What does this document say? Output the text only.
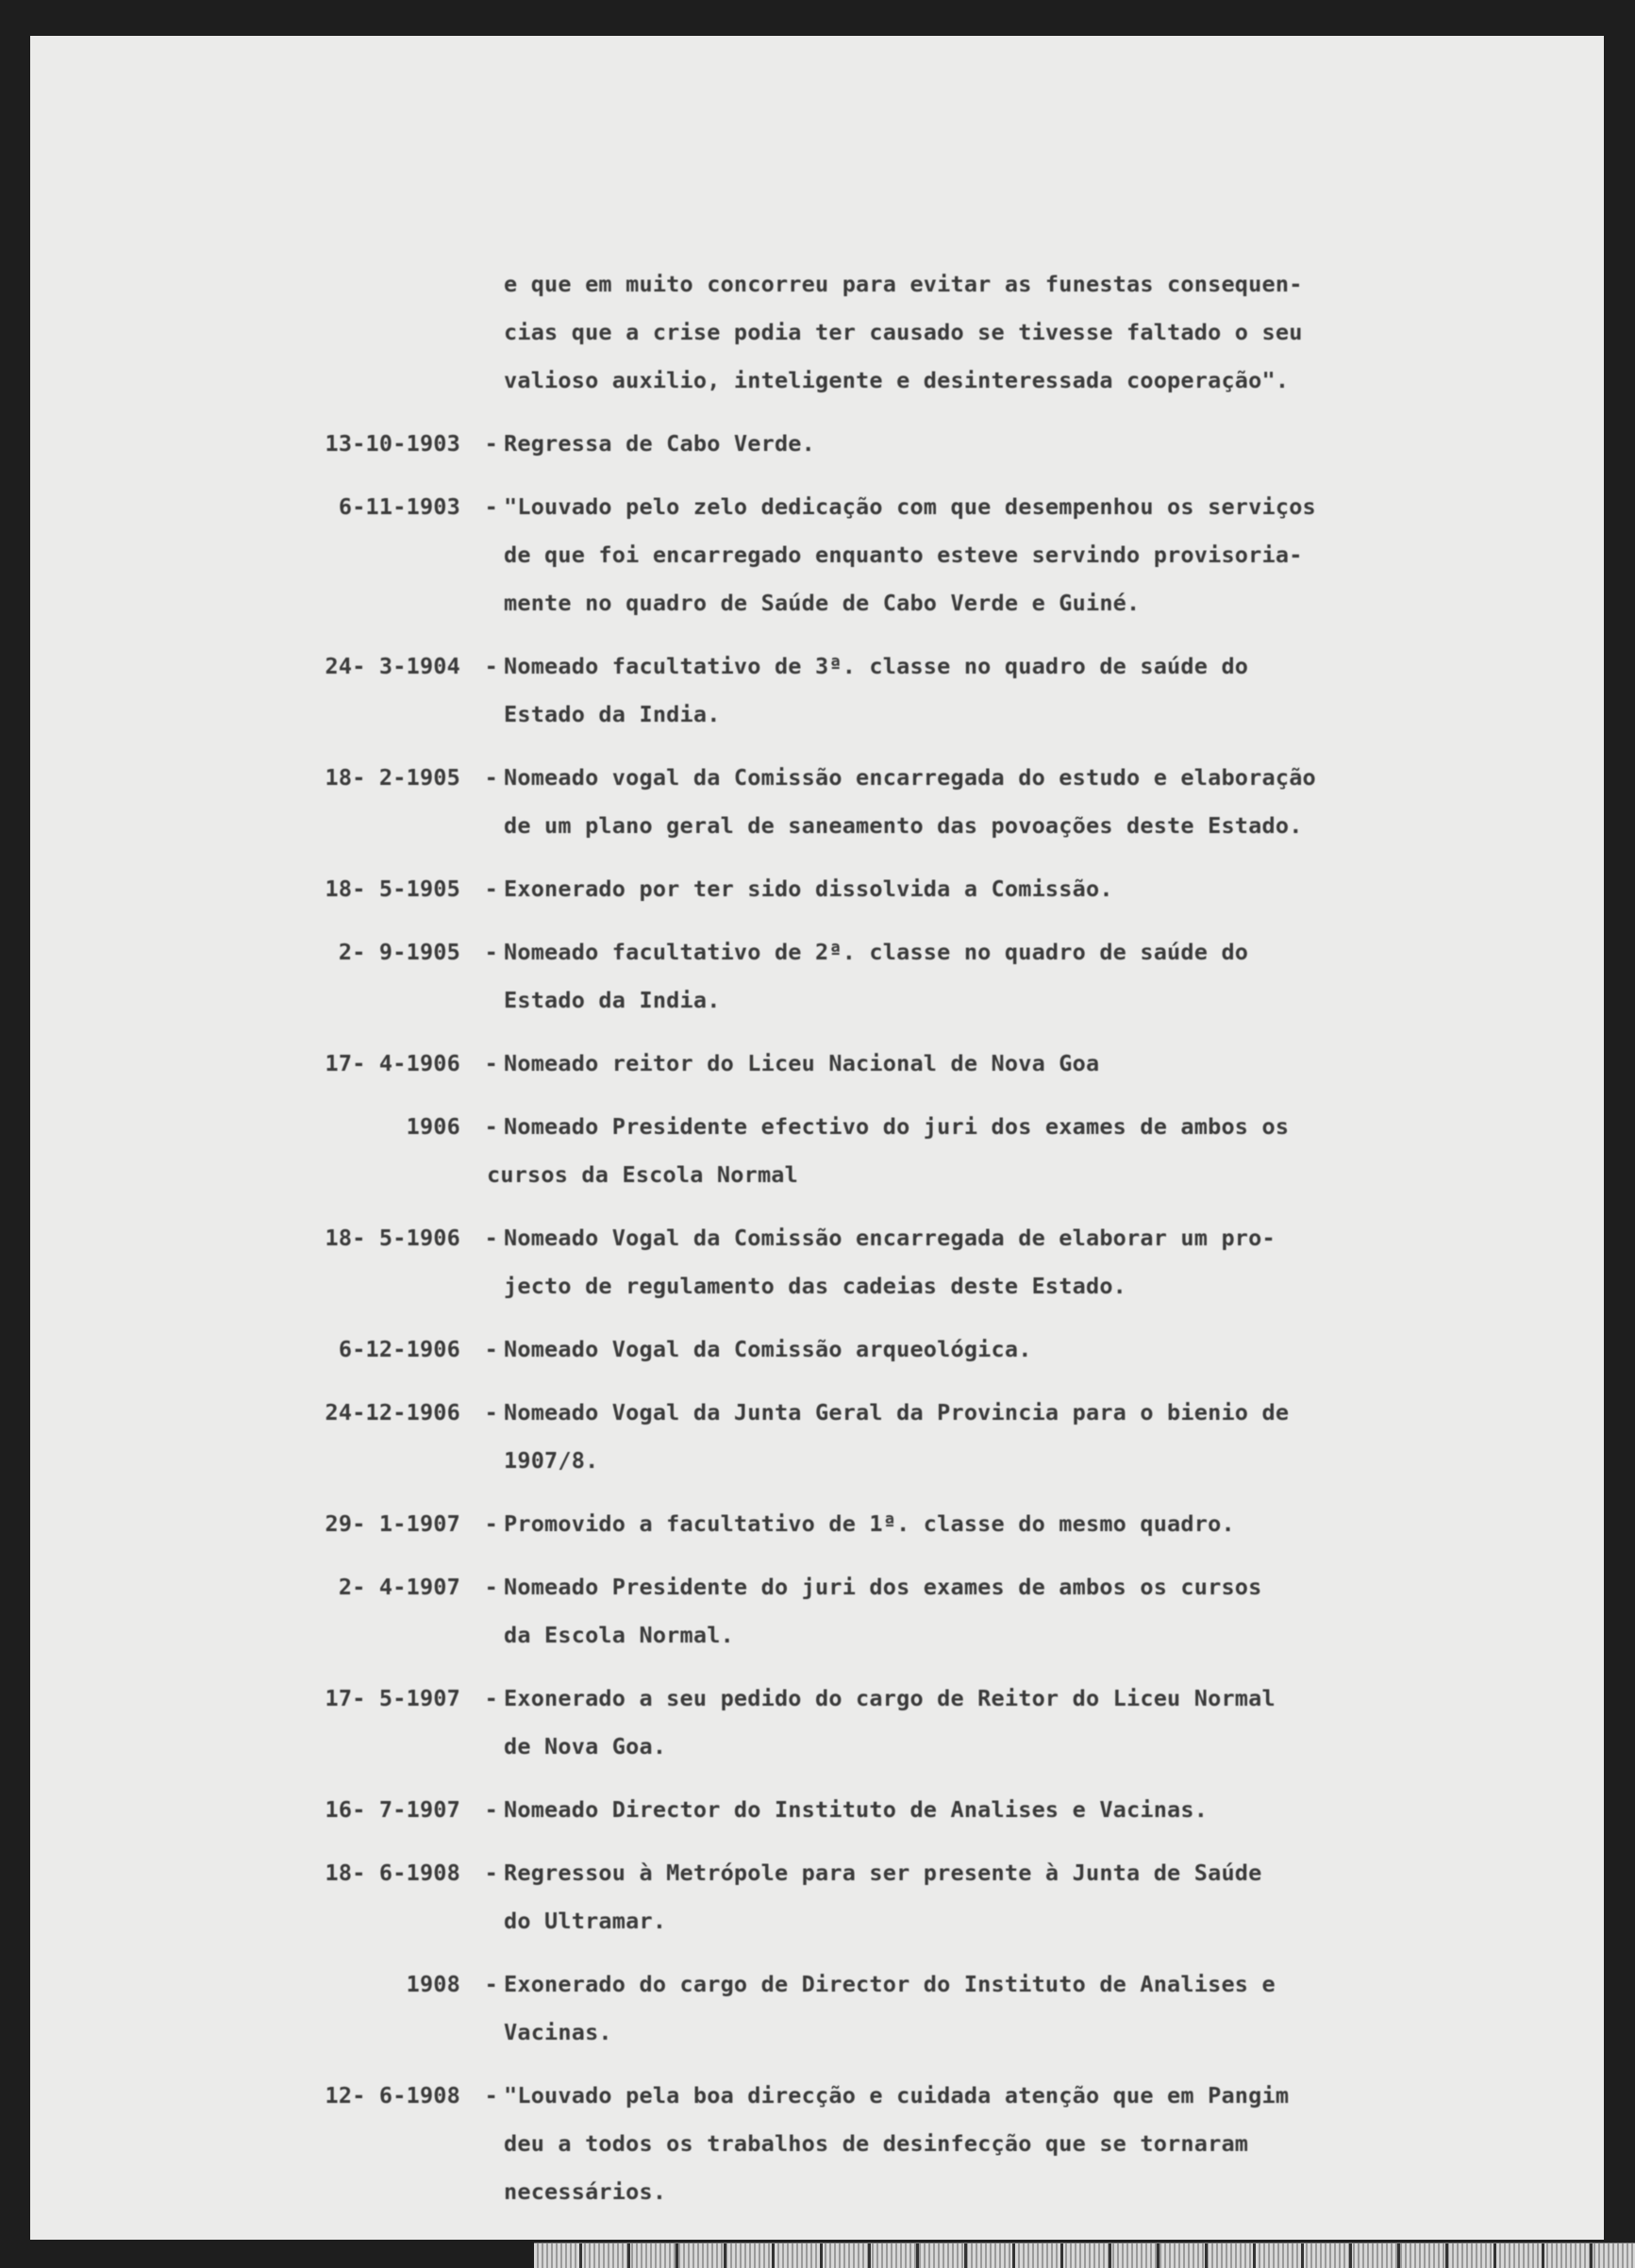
e que em muito concorreu para evitar as funestas consequen-
cias que a crise podia ter causado se tivesse faltado o seu
valioso auxilio, inteligente e desinteressada cooperação".
13-10-1903	- Regressa de Cabo Verde.
6-11-1903	- "Louvado pelo zelo dedicação com que desempenhou os serviços
de que foi encarregado enquanto esteve servindo provisoria-
mente no quadro de Saúde de Cabo Verde e Guiné.
24- 3-1904	- Nomeado facultativo de 3ª. classe no quadro de saúde do
Estado da India.
18- 2-1905	- Nomeado vogal da Comissão encarregada do estudo e elaboração
de um plano geral de saneamento das povoações deste Estado.
18- 5-1905	- Exonerado por ter sido dissolvida a Comissão.
2- 9-1905	- Nomeado facultativo de 2ª. classe no quadro de saúde do
Estado da India.
17- 4-1906	- Nomeado reitor do Liceu Nacional de Nova Goa
1906	- Nomeado Presidente efectivo do juri dos exames de ambos os
cursos da Escola Normal
18- 5-1906	- Nomeado Vogal da Comissão encarregada de elaborar um pro-
jecto de regulamento das cadeias deste Estado.
6-12-1906	- Nomeado Vogal da Comissão arqueológica.
24-12-1906	- Nomeado Vogal da Junta Geral da Provincia para o bienio de
1907/8.
29- 1-1907	- Promovido a facultativo de 1ª. classe do mesmo quadro.
2- 4-1907	- Nomeado Presidente do juri dos exames de ambos os cursos
da Escola Normal.
17- 5-1907	- Exonerado a seu pedido do cargo de Reitor do Liceu Normal
de Nova Goa.
16- 7-1907	- Nomeado Director do Instituto de Analises e Vacinas.
18- 6-1908	- Regressou à Metrópole para ser presente à Junta de Saúde
do Ultramar.
1908	- Exonerado do cargo de Director do Instituto de Analises e
Vacinas.
12- 6-1908	- "Louvado pela boa direcção e cuidada atenção que em Pangim
deu a todos os trabalhos de desinfecção que se tornaram
necessários.
